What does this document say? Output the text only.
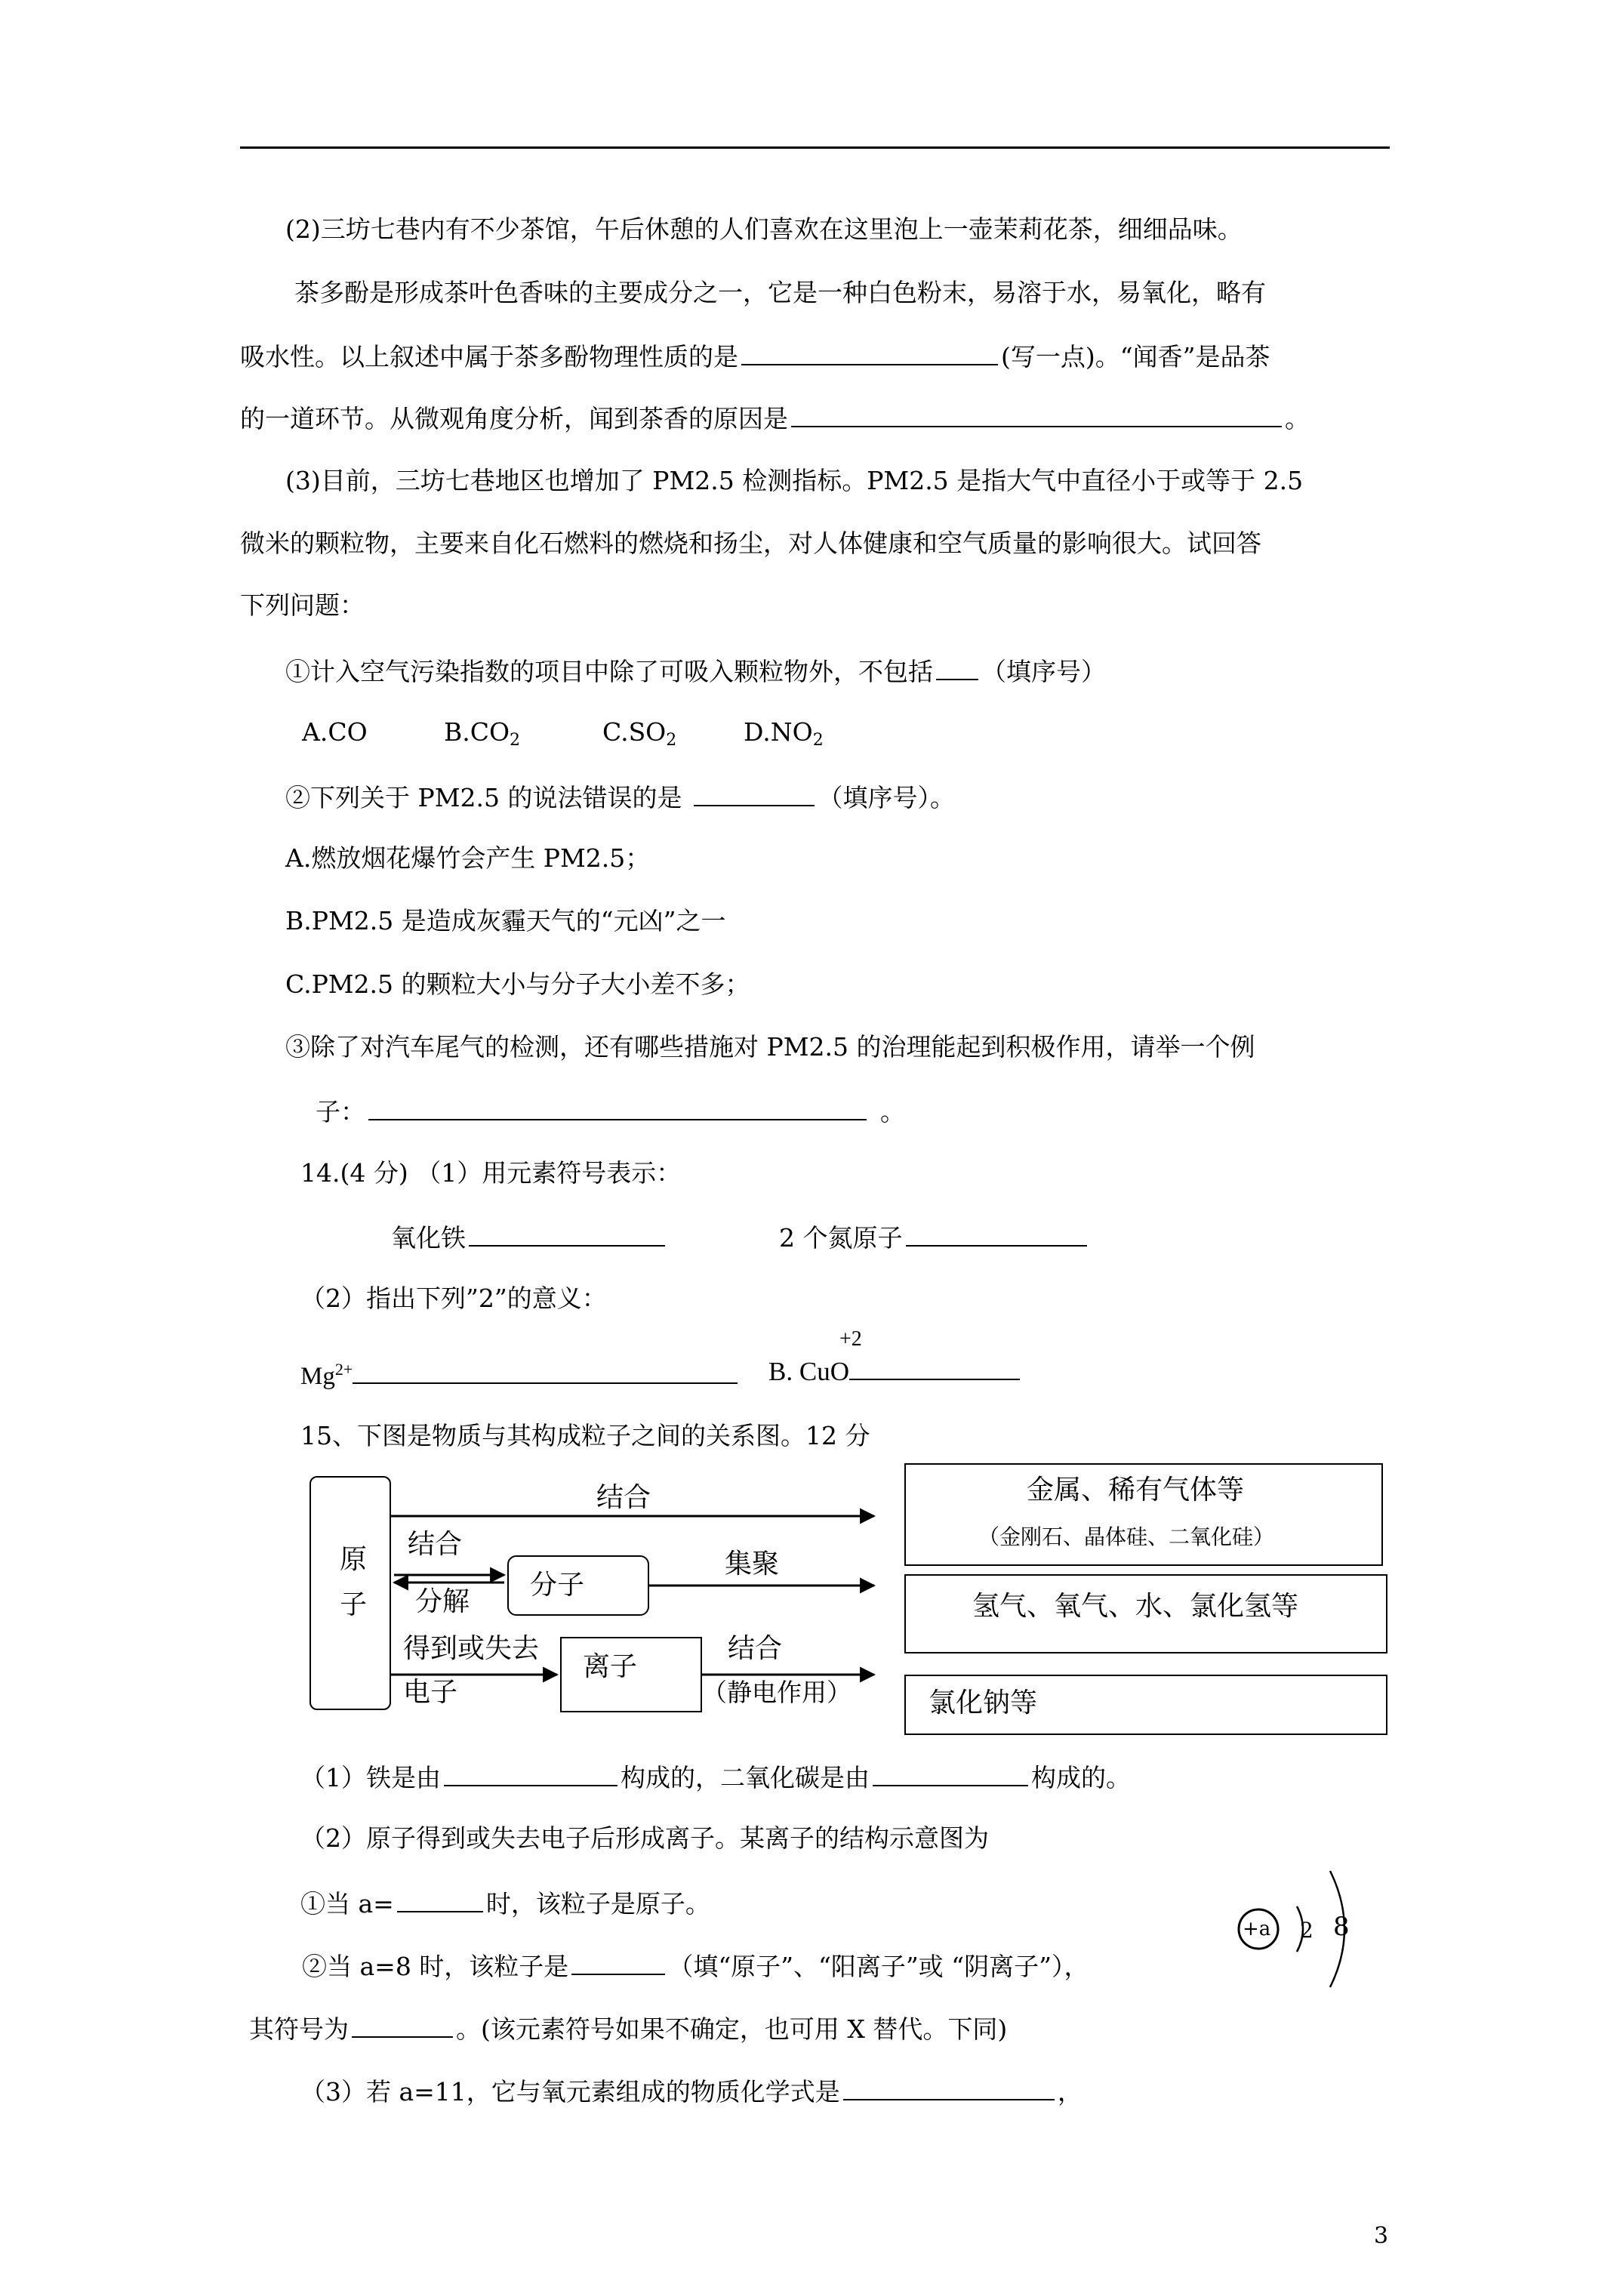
(2)三坊七巷内有不少茶馆，午后休憩的人们喜欢在这里泡上一壶茉莉花茶，细细品味。
茶多酚是形成茶叶色香味的主要成分之一，它是一种白色粉末，易溶于水，易氧化，略有
吸水性。以上叙述中属于茶多酚物理性质的是	(写一点)。“闻香”是品茶
的一道环节。从微观角度分析，闻到茶香的原因是	。
(3)目前，三坊七巷地区也增加了 PM2.5 检测指标。PM2.5 是指大气中直径小于或等于 2.5
微米的颗粒物，主要来自化石燃料的燃烧和扬尘，对人体健康和空气质量的影响很大。试回答
下列问题：
①计入空气污染指数的项目中除了可吸入颗粒物外，不包括 （填序号）
A.CO	$B.CO_2$	$C.SO_2$	$D.NO_2$
②下列关于 PM2.5 的说法错误的是	（填序号）。
A.燃放烟花爆竹会产生 PM2.5；
B.PM2.5 是造成灰霾天气的“元凶”之一
C.PM2.5 的颗粒大小与分子大小差不多；
③除了对汽车尾气的检测，还有哪些措施对 PM2.5 的治理能起到积极作用，请举一个例
子：	。
14.(4 分) （1）用元素符号表示：
氧化铁	2 个氮原子
（2）指出下列”2”的意义：
$Mg^{2+}$
+2
B. CuO
15、下图是物质与其构成粒子之间的关系图。12 分
原子
分子
离子
金属、稀有气体等
（金刚石、晶体硅、二氧化硅）
氢气、氧气、水、氯化氢等
氯化钠等
结合
结合
分解
集聚
得到或失去
电子
结合
（静电作用）
+a 2 8
（1）铁是由	构成的，二氧化碳是由	构成的。
（2）原子得到或失去电子后形成离子。某离子的结构示意图为
①当 a=	时，该粒子是原子。
②当 a=8 时，该粒子是	（填“原子”、“阳离子”或 “阴离子”），
其符号为	。(该元素符号如果不确定，也可用 X 替代。下同)
（3）若 a=11，它与氧元素组成的物质化学式是	，
3
